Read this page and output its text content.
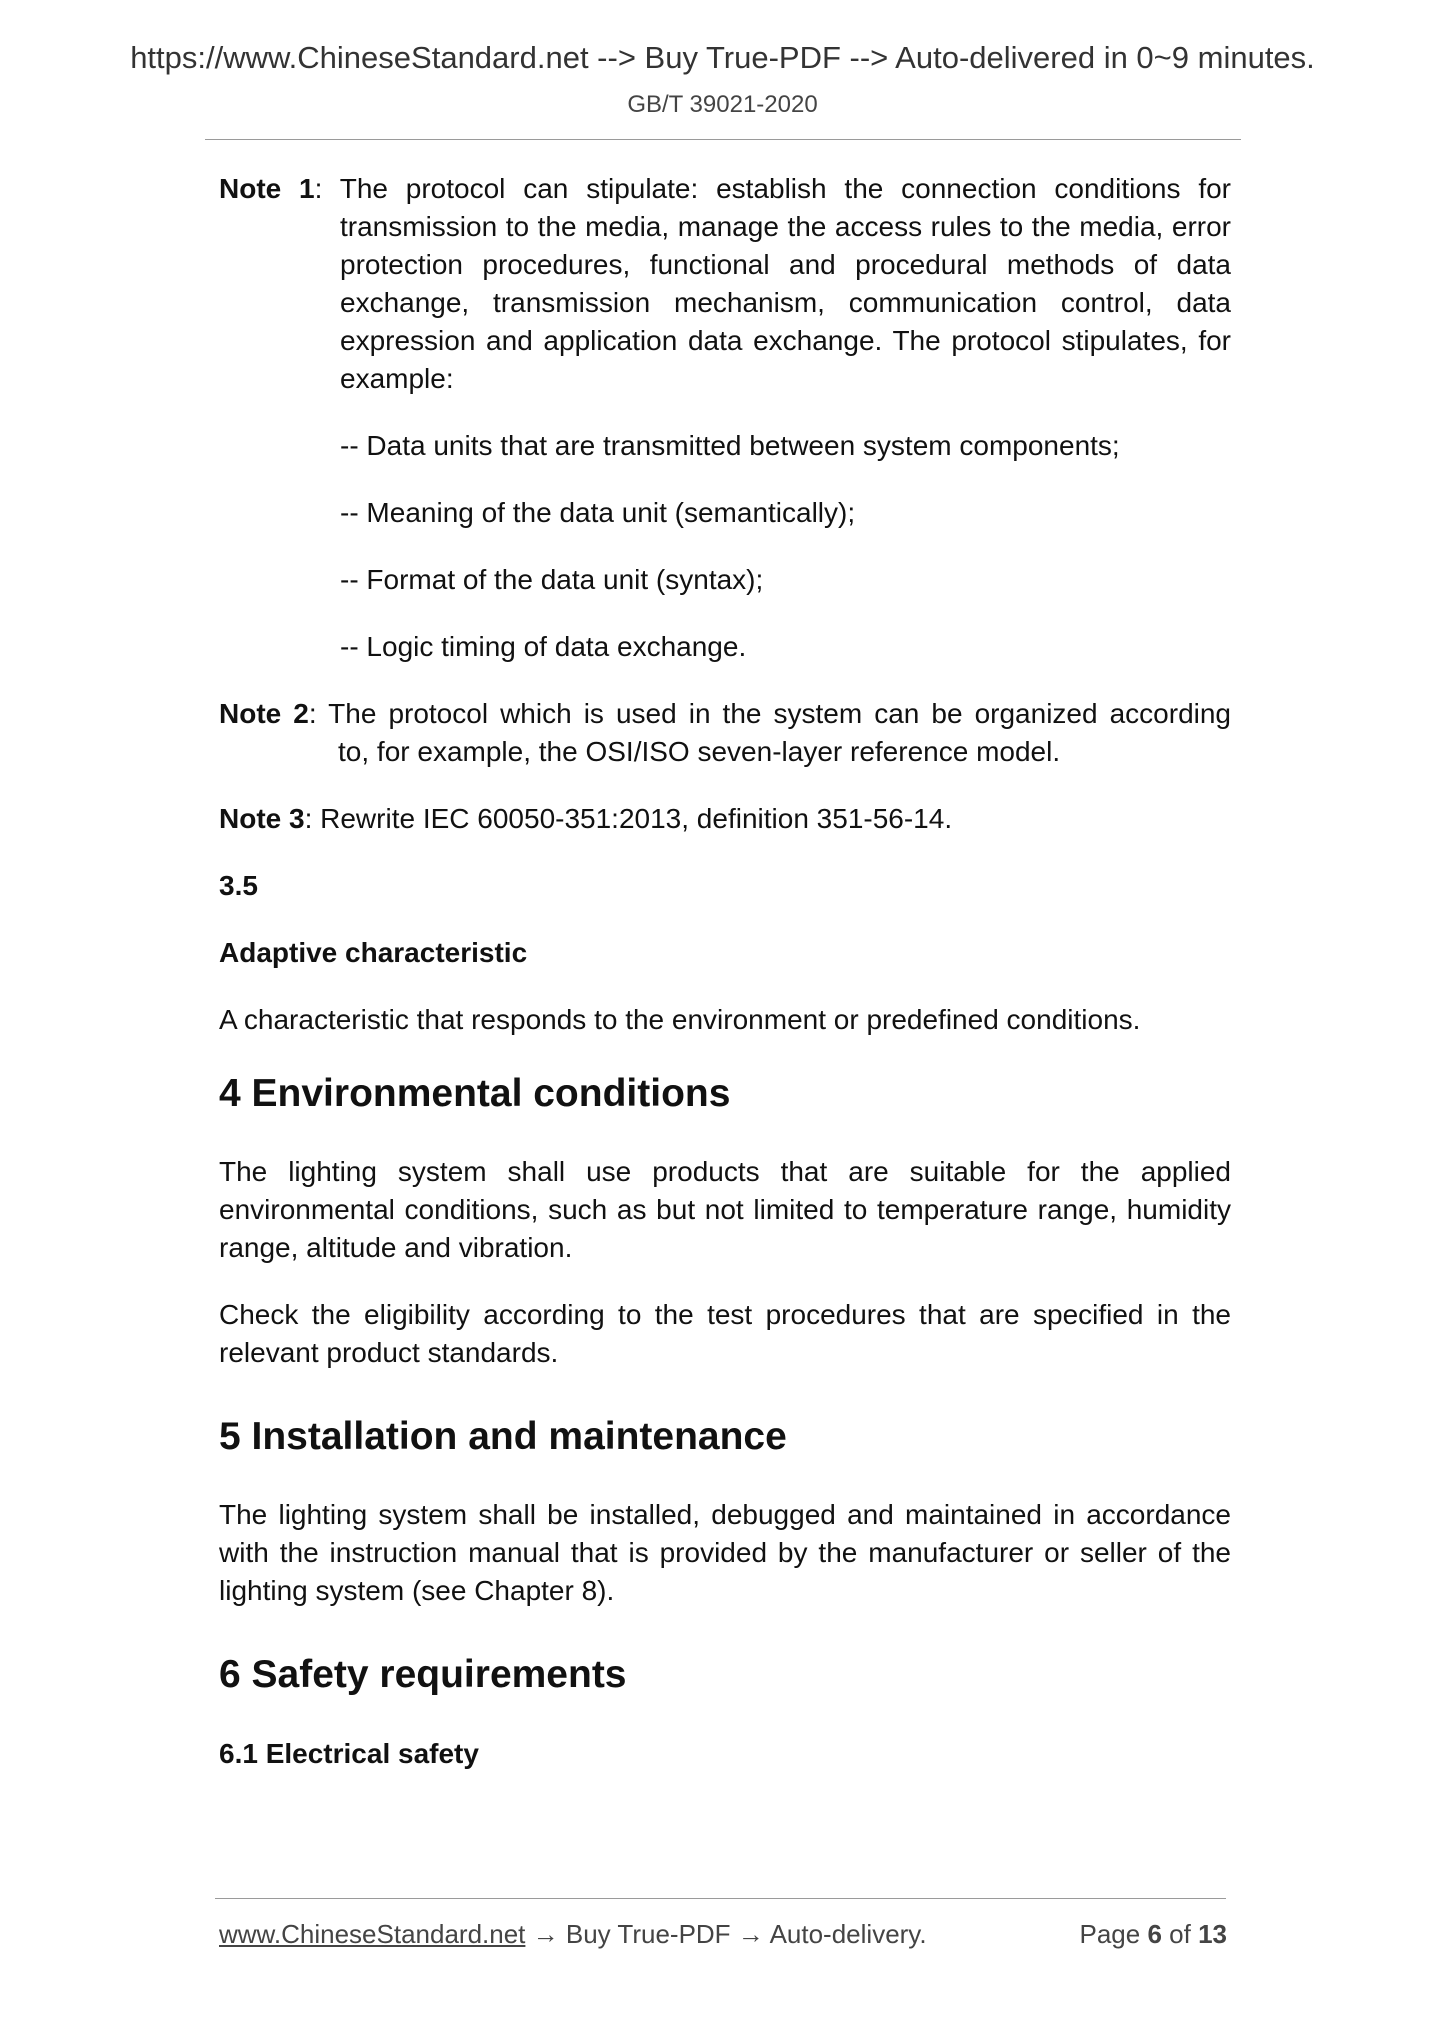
https://www.ChineseStandard.net --> Buy True-PDF --> Auto-delivered in 0~9 minutes.
GB/T 39021-2020
Note 1: The protocol can stipulate: establish the connection conditions for
transmission to the media, manage the access rules to the media, error protection procedures, functional and procedural methods of data exchange, transmission mechanism, communication control, data expression and application data exchange. The protocol stipulates, for example:
-- Data units that are transmitted between system components;
-- Meaning of the data unit (semantically);
-- Format of the data unit (syntax);
-- Logic timing of data exchange.
Note 2: The protocol which is used in the system can be organized according
to, for example, the OSI/ISO seven-layer reference model.
Note 3: Rewrite IEC 60050-351:2013, definition 351-56-14.

3.5

Adaptive characteristic

A characteristic that responds to the environment or predefined conditions.

4 Environmental conditions

The lighting system shall use products that are suitable for the applied environmental conditions, such as but not limited to temperature range, humidity range, altitude and vibration.

Check the eligibility according to the test procedures that are specified in the relevant product standards.

5 Installation and maintenance

The lighting system shall be installed, debugged and maintained in accordance with the instruction manual that is provided by the manufacturer or seller of the lighting system (see Chapter 8).

6 Safety requirements

6.1 Electrical safety

www.ChineseStandard.net → Buy True-PDF → Auto-delivery.	Page 6 of 13
